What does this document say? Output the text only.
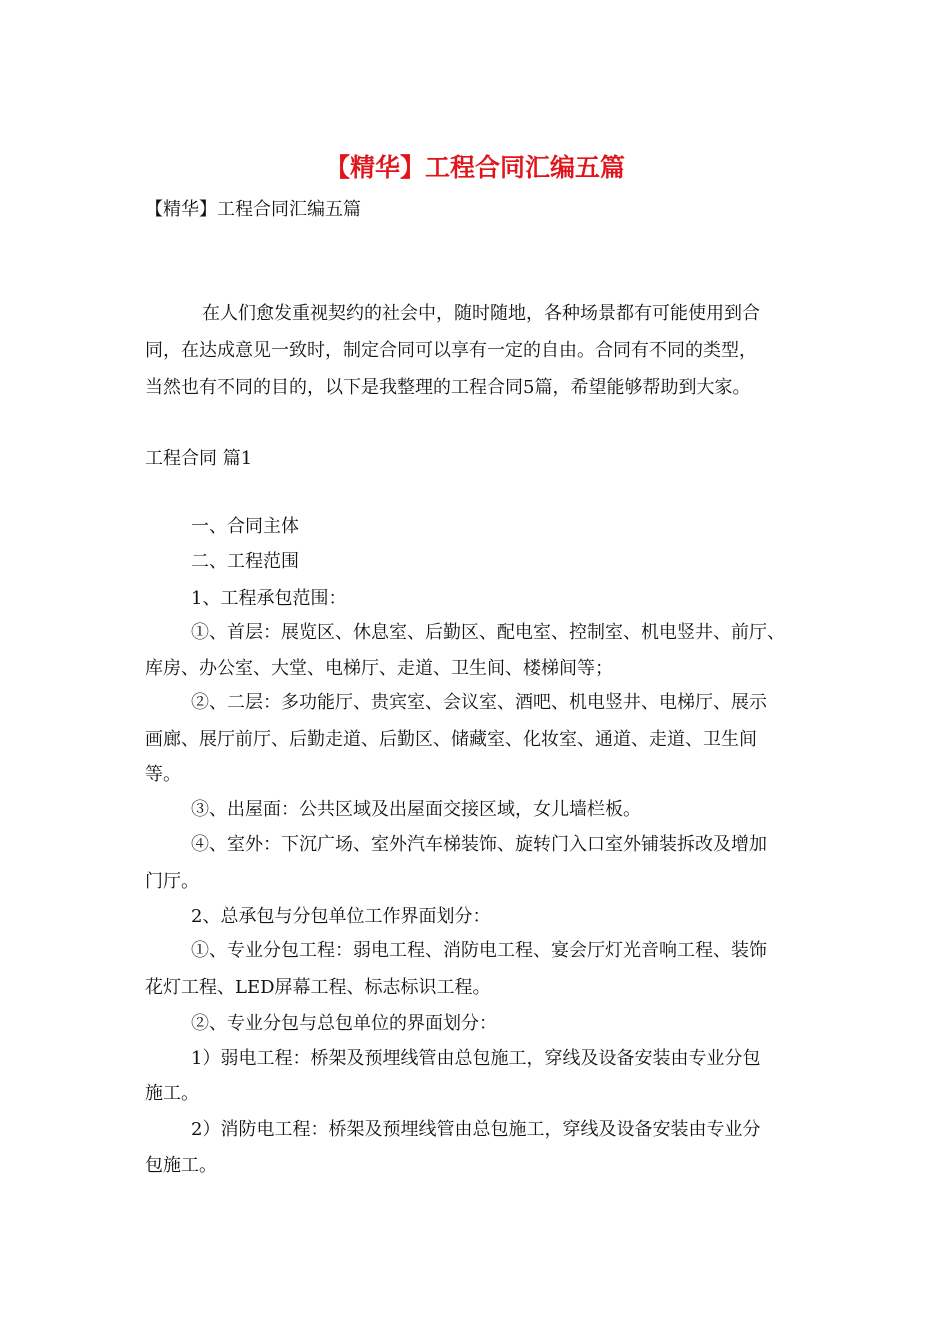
【精华】工程合同汇编五篇
【精华】工程合同汇编五篇
在人们愈发重视契约的社会中，随时随地，各种场景都有可能使用到合
同，在达成意见一致时，制定合同可以享有一定的自由。合同有不同的类型，
当然也有不同的目的，以下是我整理的工程合同5篇，希望能够帮助到大家。
工程合同 篇1
一、合同主体
二、工程范围
1、工程承包范围：
①、首层：展览区、休息室、后勤区、配电室、控制室、机电竖井、前厅、
库房、办公室、大堂、电梯厅、走道、卫生间、楼梯间等；
②、二层：多功能厅、贵宾室、会议室、酒吧、机电竖井、电梯厅、展示
画廊、展厅前厅、后勤走道、后勤区、储藏室、化妆室、通道、走道、卫生间
等。
③、出屋面：公共区域及出屋面交接区域，女儿墙栏板。
④、室外：下沉广场、室外汽车梯装饰、旋转门入口室外铺装拆改及增加
门厅。
2、总承包与分包单位工作界面划分：
①、专业分包工程：弱电工程、消防电工程、宴会厅灯光音响工程、装饰
花灯工程、LED屏幕工程、标志标识工程。
②、专业分包与总包单位的界面划分：
1）弱电工程：桥架及预埋线管由总包施工，穿线及设备安装由专业分包
施工。
2）消防电工程：桥架及预埋线管由总包施工，穿线及设备安装由专业分
包施工。
